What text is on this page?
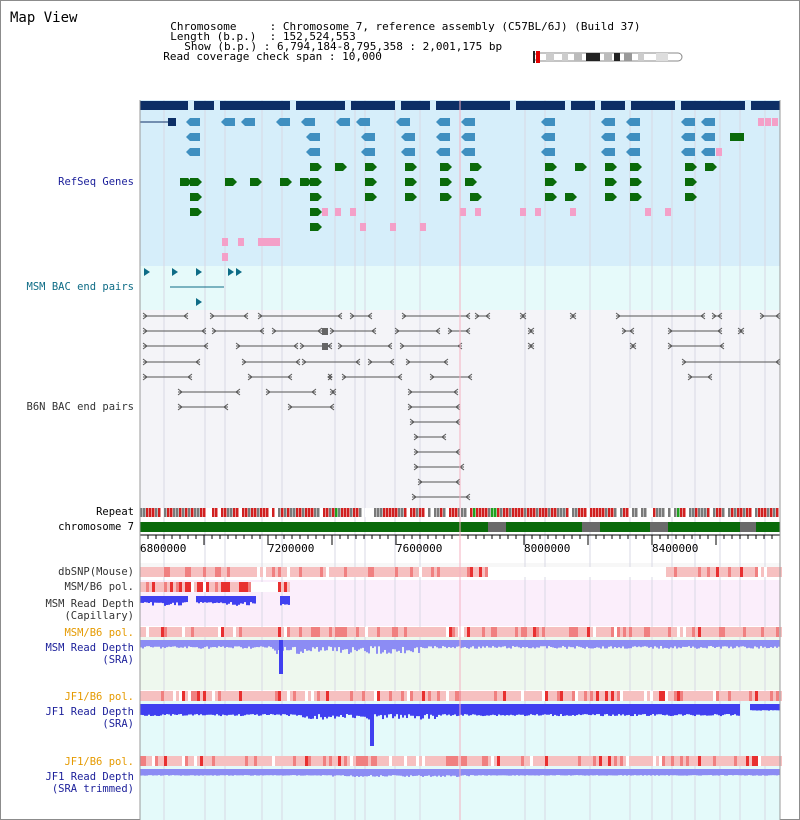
Map View

Chromosome     : Chromosome 7, reference assembly (C57BL/6J) (Build 37)

Length (b.p.)  : 152,524,553

Show (b.p.) : 6,794,184-8,795,358 : 2,001,175 bp

Read coverage check span : 10,000

RefSeq Genes
MSM BAC end pairs
B6N BAC end pairs
Repeat
chromosome 7
dbSNP(Mouse)
MSM/B6 pol.
MSM Read Depth
(Capillary)
MSM/B6 pol.
MSM Read Depth
(SRA)
JF1/B6 pol.
JF1 Read Depth
(SRA)
JF1/B6 pol.
JF1 Read Depth
(SRA trimmed)
6800000	7200000	7600000	8000000	8400000
